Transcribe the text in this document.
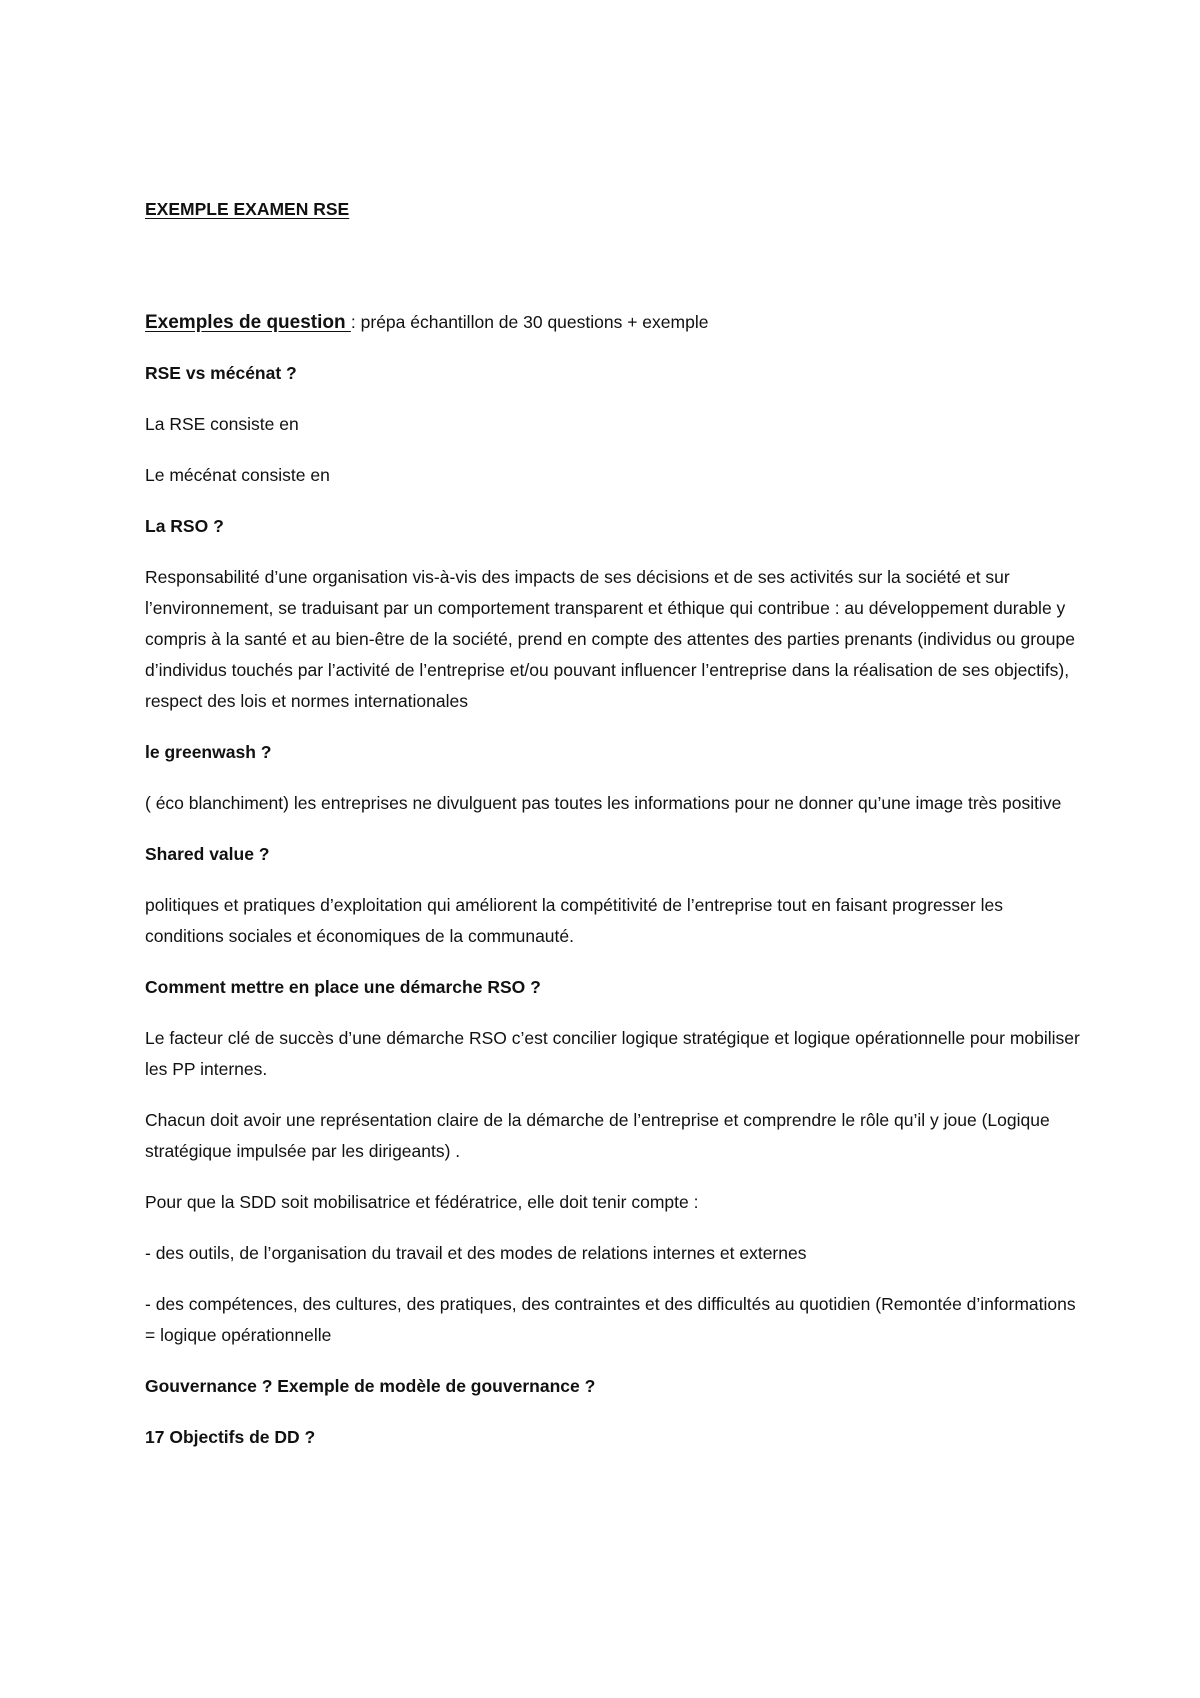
EXEMPLE EXAMEN RSE
Exemples de question : prépa échantillon de 30 questions + exemple
RSE vs mécénat ?
La RSE consiste en
Le mécénat consiste en
La RSO ?
Responsabilité d’une organisation vis-à-vis des impacts de ses décisions et de ses activités sur la société et sur l’environnement, se traduisant par un comportement transparent et éthique qui contribue : au développement durable y compris à la santé et au bien-être de la société, prend en compte des attentes des parties prenants (individus ou groupe d’individus touchés par l’activité de l’entreprise et/ou pouvant influencer l’entreprise dans la réalisation de ses objectifs), respect des lois et normes internationales
le greenwash ?
( éco blanchiment) les entreprises ne divulguent pas toutes les informations pour ne donner qu’une image très positive
Shared value ?
politiques et pratiques d’exploitation qui améliorent la compétitivité de l’entreprise tout en faisant progresser les conditions sociales et économiques de la communauté.
Comment mettre en place une démarche RSO ?
Le facteur clé de succès d’une démarche RSO c’est concilier logique stratégique et logique opérationnelle pour mobiliser les PP internes.
Chacun doit avoir une représentation claire de la démarche de l’entreprise et comprendre le rôle qu’il y joue (Logique stratégique impulsée par les dirigeants) .
Pour que la SDD soit mobilisatrice et fédératrice, elle doit tenir compte :
- des outils, de l’organisation du travail et des modes de relations internes et externes
- des compétences, des cultures, des pratiques, des contraintes et des difficultés au quotidien (Remontée d’informations = logique opérationnelle
Gouvernance ? Exemple de modèle de gouvernance ?
17 Objectifs de DD ?
